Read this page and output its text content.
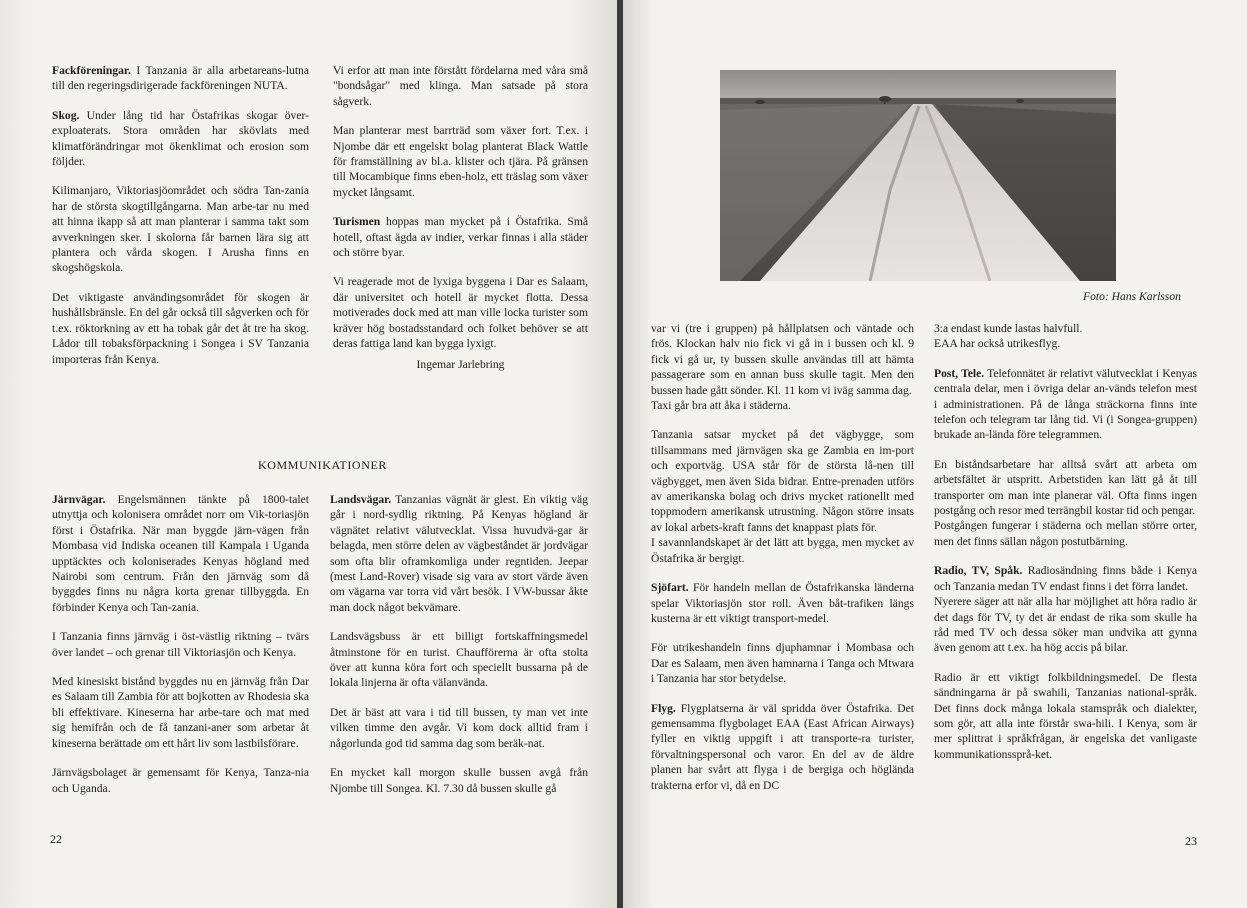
Fackföreningar. I Tanzania är alla arbetareans-lutna till den regeringsdirigerade fackföreningen NUTA.

Skog. Under lång tid har Östafrikas skogar över-exploaterats. Stora områden har skövlats med klimatförändringar mot ökenklimat och erosion som följder.

Kilimanjaro, Viktoriasjöområdet och södra Tan-zania har de största skogtillgångarna. Man arbe-tar nu med att hinna ikapp så att man planterar i samma takt som avverkningen sker. I skolorna får barnen lära sig att plantera och vårda skogen. I Arusha finns en skogshögskola.

Det viktigaste användingsområdet för skogen är hushållsbränsle. En del går också till sågverken och för t.ex. röktorkning av ett ha tobak går det åt tre ha skog. Lådor till tobaksförpackning i Songea i SV Tanzania importeras från Kenya.

Vi erfor att man inte förstått fördelarna med våra små "bondsågar" med klinga. Man satsade på stora sågverk.

Man planterar mest barrträd som växer fort. T.ex. i Njombe där ett engelskt bolag planterat Black Wattle för framställning av bl.a. klister och tjära. På gränsen till Mocambique finns eben-holz, ett träslag som växer mycket långsamt.

Turismen hoppas man mycket på i Östafrika. Små hotell, oftast ägda av indier, verkar finnas i alla städer och större byar.

Vi reagerade mot de lyxiga byggena i Dar es Salaam, där universitet och hotell är mycket flotta. Dessa motiverades dock med att man ville locka turister som kräver hög bostadsstandard och folket behöver se att deras fattiga land kan bygga lyxigt.

Ingemar Jarlebring
KOMMUNIKATIONER

Järnvägar. Engelsmännen tänkte på 1800-talet utnyttja och kolonisera området norr om Vik-toriasjön först i Östafrika. När man byggde järn-vägen från Mombasa vid Indiska oceanen till Kampala i Uganda upptäcktes och koloniserades Kenyas högland med Nairobi som centrum. Från den järnväg som då byggdes finns nu några korta grenar tillbyggda. En förbinder Kenya och Tan-zania.

I Tanzania finns järnväg i öst-västlig riktning – tvärs över landet – och grenar till Viktoriasjön och Kenya.

Med kinesiskt bistånd byggdes nu en järnväg från Dar es Salaam till Zambia för att bojkotten av Rhodesia ska bli effektivare. Kineserna har arbe-tare och mat med sig hemifrån och de få tanzani-aner som arbetar åt kineserna berättade om ett hårt liv som lastbilsförare.

Järnvägsbolaget är gemensamt för Kenya, Tanza-nia och Uganda.

Landsvägar. Tanzanias vägnät är glest. En viktig väg går i nord-sydlig riktning. På Kenyas högland är vägnätet relativt välutvecklat. Vissa huvudvä-gar är belagda, men större delen av vägbeståndet är jordvägar som ofta blir oframkomliga under regntiden. Jeepar (mest Land-Rover) visade sig vara av stort värde även om vägarna var torra vid vårt besök. I VW-bussar åkte man dock något bekvämare.

Landsvägsbuss är ett billigt fortskaffningsmedel åtminstone för en turist. Chaufförerna är ofta stolta över att kunna köra fort och speciellt bussarna på de lokala linjerna är ofta välanvända.

Det är bäst att vara i tid till bussen, ty man vet inte vilken timme den avgår. Vi kom dock alltid fram i någorlunda god tid samma dag som beräk-nat.

En mycket kall morgon skulle bussen avgå från Njombe till Songea. Kl. 7.30 då bussen skulle gå

22
Foto: Hans Karlsson

var vi (tre i gruppen) på hållplatsen och väntade och frös. Klockan halv nio fick vi gå in i bussen och kl. 9 fick vi gå ur, ty bussen skulle användas till att hämta passagerare som en annan buss skulle tagit. Men den bussen hade gått sönder. Kl. 11 kom vi iväg samma dag.

Taxi går bra att åka i städerna.

Tanzania satsar mycket på det vägbygge, som tillsammans med järnvägen ska ge Zambia en im-port och exportväg. USA står för de största lå-nen till vägbygget, men även Sida bidrar. Entre-prenaden utförs av amerikanska bolag och drivs mycket rationellt med toppmodern amerikansk utrustning. Någon större insats av lokal arbets-kraft fanns det knappast plats för.

I savannlandskapet är det lätt att bygga, men mycket av Östafrika är bergigt.

Sjöfart. För handeln mellan de Östafrikanska länderna spelar Viktoriasjön stor roll. Även båt-trafiken längs kusterna är ett viktigt transport-medel.

För utrikeshandeln finns djuphamnar i Mombasa och Dar es Salaam, men även hamnarna i Tanga och Mtwara i Tanzania har stor betydelse.

Flyg. Flygplatserna är väl spridda över Östafrika. Det gemensamma flygbolaget EAA (East African Airways) fyller en viktig uppgift i att transporte-ra turister, förvaltningspersonal och varor. En del av de äldre planen har svårt att flyga i de bergiga och höglända trakterna erfor vi, då en DC

3:a endast kunde lastas halvfull.

EAA har också utrikesflyg.

Post, Tele. Telefonnätet är relativt välutvecklat i Kenyas centrala delar, men i övriga delar an-vänds telefon mest i administrationen. På de långa sträckorna finns inte telefon och telegram tar lång tid. Vi (i Songea-gruppen) brukade an-lända före telegrammen.

En biståndsarbetare har alltså svårt att arbeta om arbetsfältet är utspritt. Arbetstiden kan lätt gå åt till transporter om man inte planerar väl. Ofta finns ingen postgång och resor med terrängbil kostar tid och pengar.

Postgången fungerar i städerna och mellan större orter, men det finns sällan någon postutbärning.

Radio, TV, Spåk. Radiosändning finns både i Kenya och Tanzania medan TV endast finns i det förra landet.

Nyerere säger att när alla har möjlighet att höra radio är det dags för TV, ty det är endast de rika som skulle ha råd med TV och dessa söker man undvika att gynna även genom att t.ex. ha hög accis på bilar.

Radio är ett viktigt folkbildningsmedel. De flesta sändningarna är på swahili, Tanzanias national-språk. Det finns dock många lokala stamspråk och dialekter, som gör, att alla inte förstår swa-hili. I Kenya, som är mer splittrat i språkfrågan, är engelska det vanligaste kommunikationssprå-ket.

23
